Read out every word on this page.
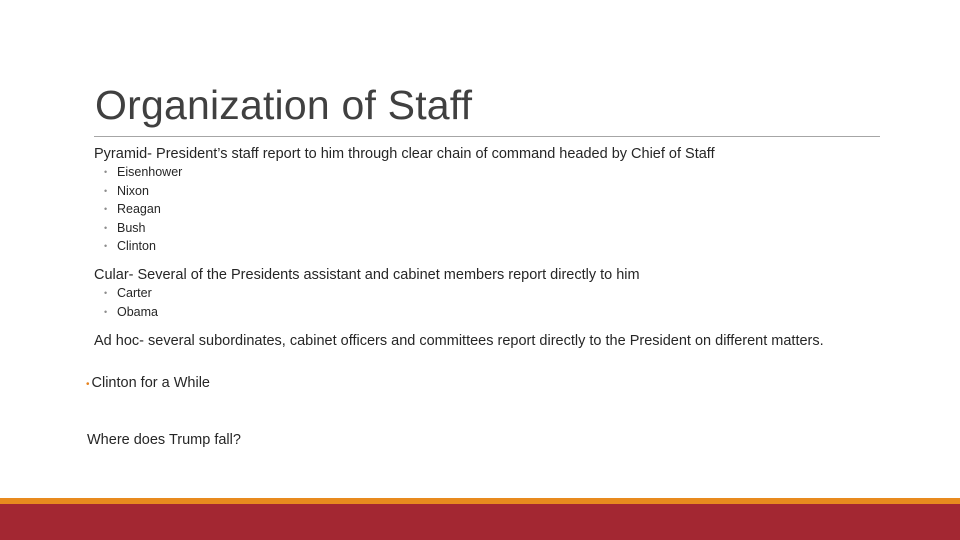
Organization of Staff
Pyramid- President’s staff report to him through clear chain of command headed by Chief of Staff
• Eisenhower
• Nixon
• Reagan
• Bush
• Clinton
Cular- Several of the Presidents assistant and cabinet members report directly to him
• Carter
• Obama
Ad hoc- several subordinates, cabinet officers and committees report directly to the President on different matters.
• Clinton for a While
Where does Trump fall?
